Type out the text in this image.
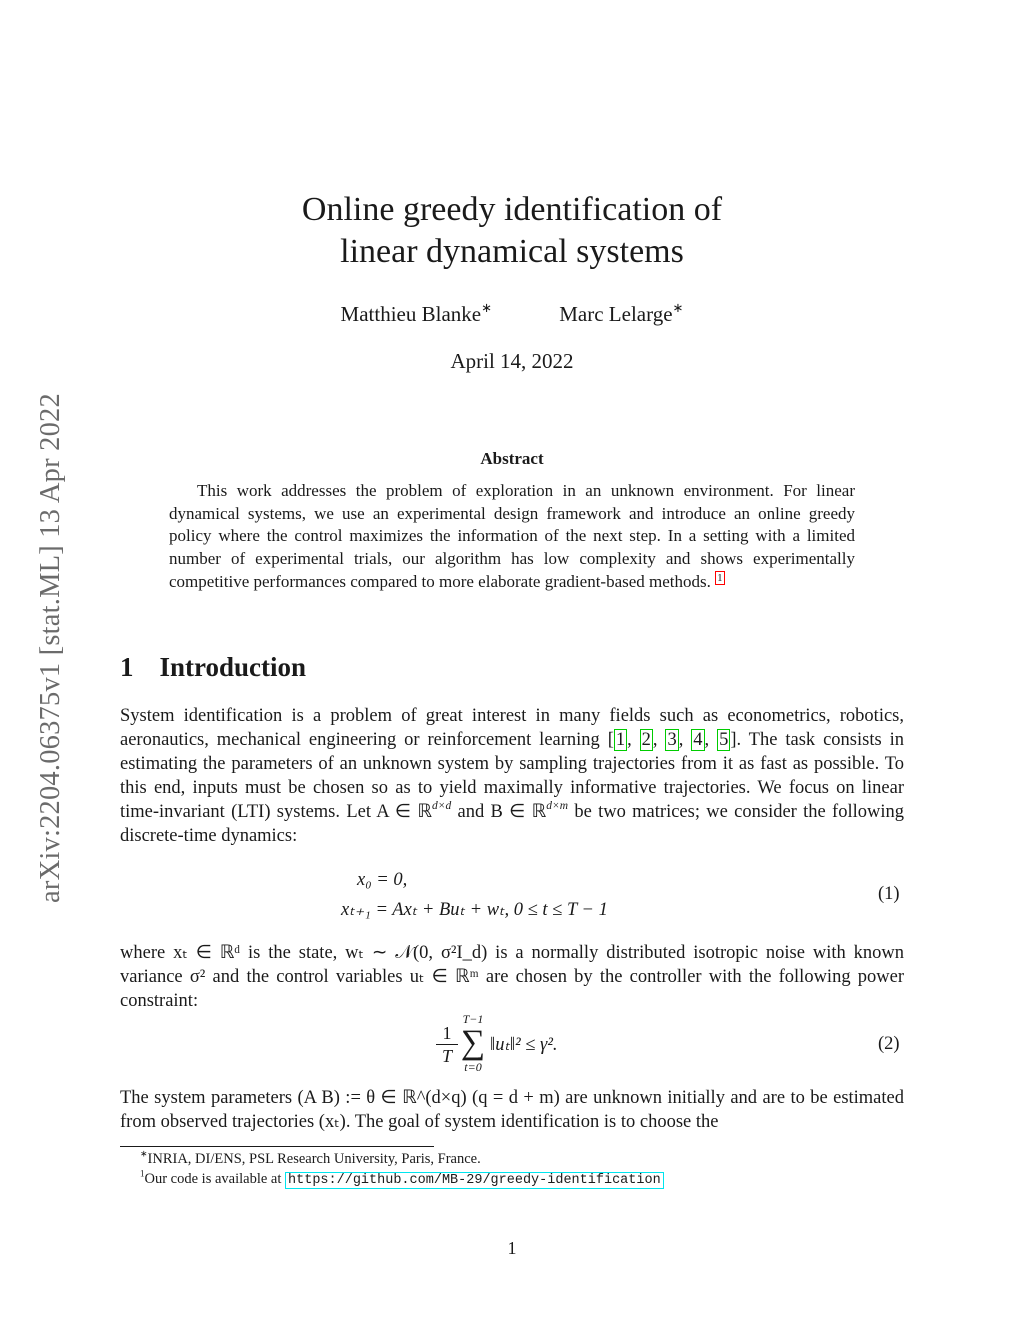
arXiv:2204.06375v1 [stat.ML] 13 Apr 2022
Online greedy identification of
linear dynamical systems
Matthieu Blanke∗	Marc Lelarge∗
April 14, 2022
Abstract

This work addresses the problem of exploration in an unknown environment. For linear dynamical systems, we use an experimental design framework and introduce an online greedy policy where the control maximizes the information of the next step. In a setting with a limited number of experimental trials, our algorithm has low complexity and shows experimentally competitive performances compared to more elaborate gradient-based methods. $^1$

1 Introduction

System identification is a problem of great interest in many fields such as econometrics, robotics, aeronautics, mechanical engineering or reinforcement learning [ 1 , 2 , 3 , 4 , 5 ]. The task consists in estimating the parameters of an unknown system by sampling trajectories from it as fast as possible. To this end, inputs must be chosen so as to yield maximally informative trajectories. We focus on linear time-invariant (LTI) systems. Let A ∈ ℝ$^{d\times d}$ and B ∈ ℝ$^{d\times m}$ be two matrices; we consider the following discrete-time dynamics:

x₀ = 0,
xₜ₊₁ = Axₜ + Buₜ + wₜ, 0 ≤ t ≤ T − 1
(1)

where xₜ ∈ ℝᵈ is the state, wₜ ∼ 𝒩(0, σ²I_d) is a normally distributed isotropic noise with known variance σ² and the control variables uₜ ∈ ℝᵐ are chosen by the controller with the following power constraint:

$\frac{1}{T}$
T−1
∑
t=0
‖uₜ‖² ≤ γ².	(2)

The system parameters (A B) := θ ∈ ℝ^(d×q) (q = d + m) are unknown initially and are to be estimated from observed trajectories (xₜ). The goal of system identification is to choose the

∗INRIA, DI/ENS, PSL Research University, Paris, France.
$^1$Our code is available at https://github.com/MB-29/greedy-identification
1
